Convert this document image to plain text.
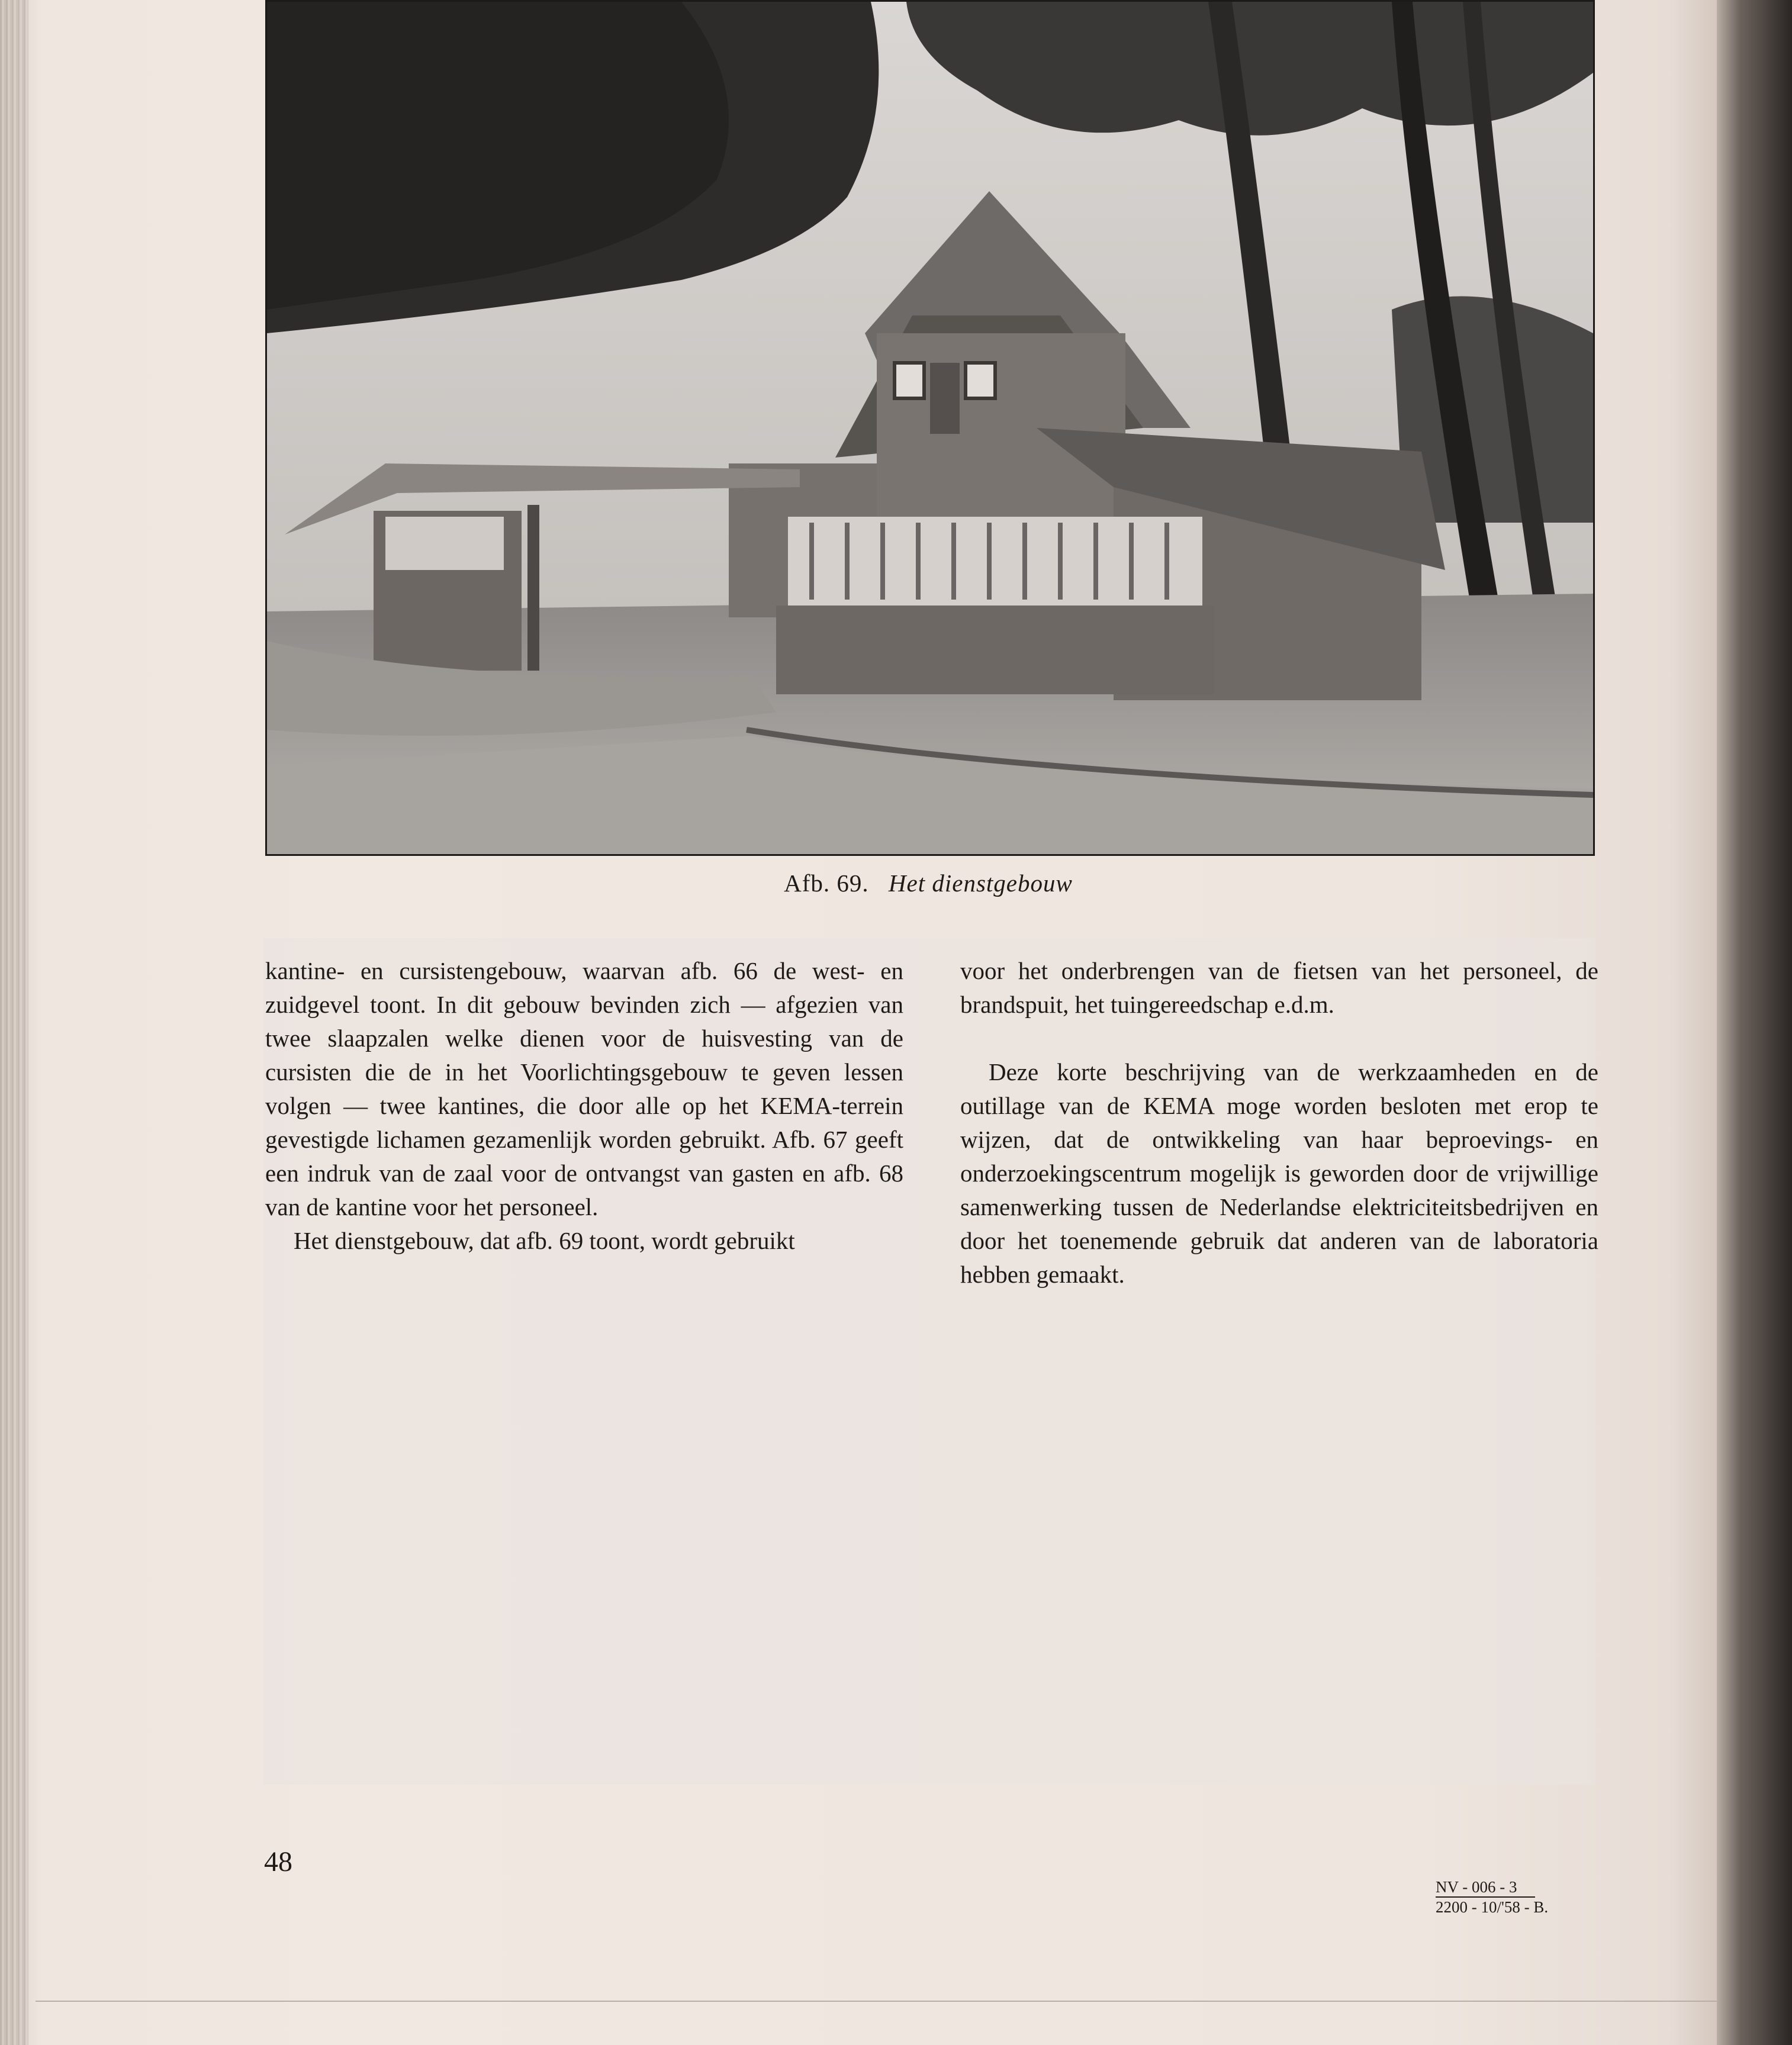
Afb. 69. Het dienstgebouw

kantine- en cursistengebouw, waarvan afb. 66 de west- en zuidgevel toont. In dit gebouw bevinden zich — afgezien van twee slaapzalen welke dienen voor de huisvesting van de cursisten die de in het Voorlichtingsgebouw te geven lessen volgen — twee kantines, die door alle op het KEMA-terrein gevestigde lichamen gezamenlijk worden gebruikt. Afb. 67 geeft een indruk van de zaal voor de ontvangst van gasten en afb. 68 van de kantine voor het personeel.

Het dienstgebouw, dat afb. 69 toont, wordt gebruikt

voor het onderbrengen van de fietsen van het personeel, de brandspuit, het tuingereedschap e.d.m.

Deze korte beschrijving van de werkzaamheden en de outillage van de KEMA moge worden besloten met erop te wijzen, dat de ontwikkeling van haar beproevings- en onderzoekingscentrum mogelijk is geworden door de vrijwillige samenwerking tussen de Nederlandse elektriciteitsbedrijven en door het toenemende gebruik dat anderen van de laboratoria hebben gemaakt.

48
NV - 006 - 3
2200 - 10/'58 - B.
